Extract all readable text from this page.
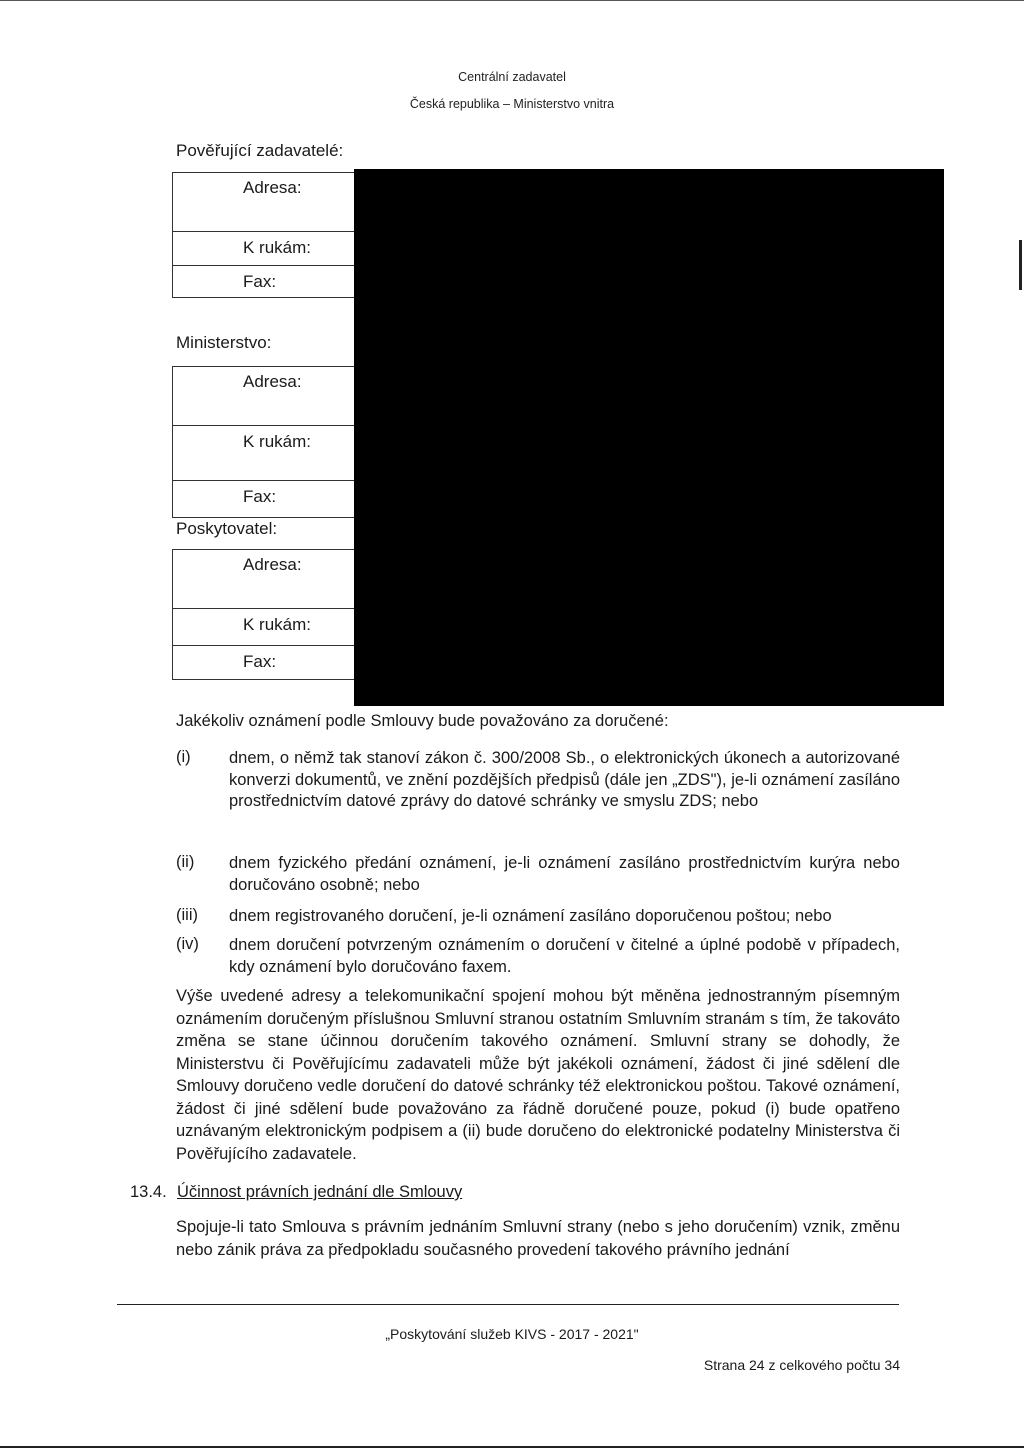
Centrální zadavatel
Česká republika – Ministerstvo vnitra
Pověřující zadavatelé:
Adresa:
K rukám:
Fax:
Ministerstvo:
Adresa:
K rukám:
Fax:
Poskytovatel:
Adresa:
K rukám:
Fax:
Jakékoliv oznámení podle Smlouvy bude považováno za doručené:
(i) dnem, o němž tak stanoví zákon č. 300/2008 Sb., o elektronických úkonech a autorizované konverzi dokumentů, ve znění pozdějších předpisů (dále jen „ZDS"), je-li oznámení zasíláno prostřednictvím datové zprávy do datové schránky ve smyslu ZDS; nebo
(ii) dnem fyzického předání oznámení, je-li oznámení zasíláno prostřednictvím kurýra nebo doručováno osobně; nebo
(iii) dnem registrovaného doručení, je-li oznámení zasíláno doporučenou poštou; nebo
(iv) dnem doručení potvrzeným oznámením o doručení v čitelné a úplné podobě v případech, kdy oznámení bylo doručováno faxem.
Výše uvedené adresy a telekomunikační spojení mohou být měněna jednostranným písemným oznámením doručeným příslušnou Smluvní stranou ostatním Smluvním stranám s tím, že takováto změna se stane účinnou doručením takového oznámení. Smluvní strany se dohodly, že Ministerstvu či Pověřujícímu zadavateli může být jakékoli oznámení, žádost či jiné sdělení dle Smlouvy doručeno vedle doručení do datové schránky též elektronickou poštou. Takové oznámení, žádost či jiné sdělení bude považováno za řádně doručené pouze, pokud (i) bude opatřeno uznávaným elektronickým podpisem a (ii) bude doručeno do elektronické podatelny Ministerstva či Pověřujícího zadavatele.
13.4. Účinnost právních jednání dle Smlouvy
Spojuje-li tato Smlouva s právním jednáním Smluvní strany (nebo s jeho doručením) vznik, změnu nebo zánik práva za předpokladu současného provedení takového právního jednání
„Poskytování služeb KIVS - 2017 - 2021"
Strana 24 z celkového počtu 34
